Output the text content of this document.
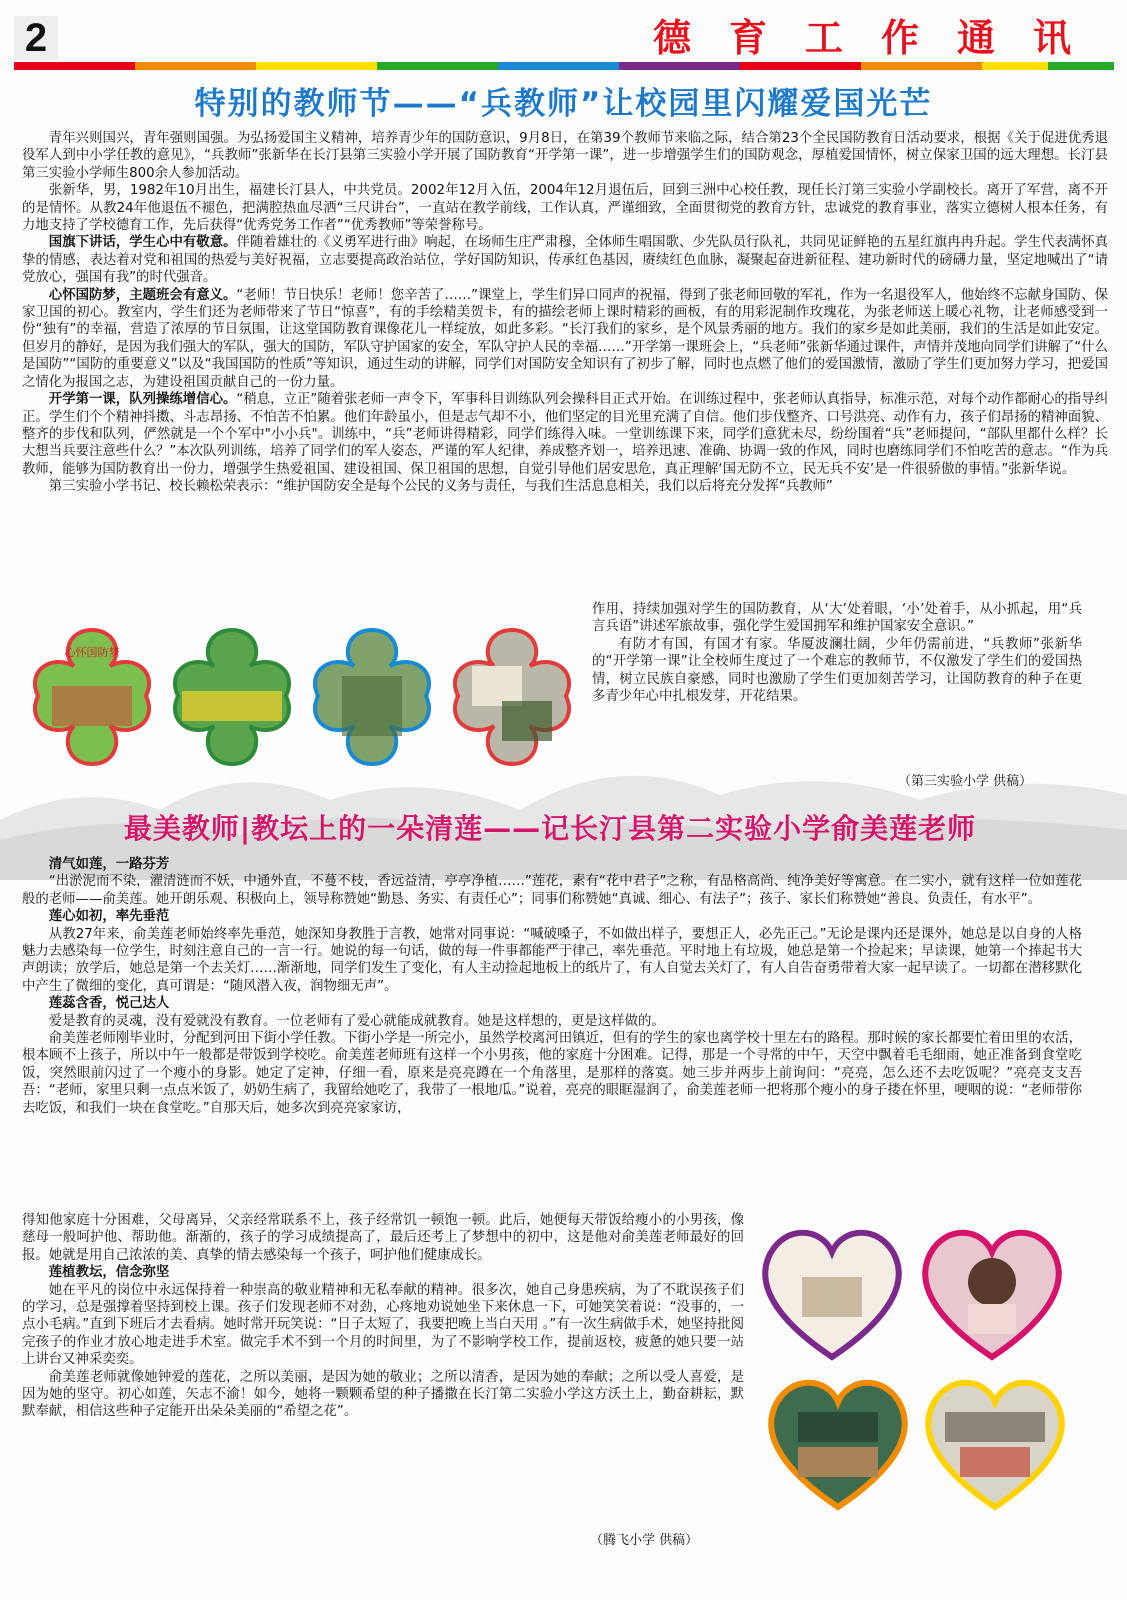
2	德 育 工 作 通 讯
特别的教师节——“兵教师”让校园里闪耀爱国光芒

青年兴则国兴，青年强则国强。为弘扬爱国主义精神，培养青少年的国防意识，9月8日，在第39个教师节来临之际，结合第23个全民国防教育日活动要求，根据《关于促进优秀退役军人到中小学任教的意见》，“兵教师”张新华在长汀县第三实验小学开展了国防教育“开学第一课”，进一步增强学生们的国防观念，厚植爱国情怀，树立保家卫国的远大理想。长汀县第三实验小学师生800余人参加活动。

张新华，男，1982年10月出生，福建长汀县人，中共党员。2002年12月入伍，2004年12月退伍后，回到三洲中心校任教，现任长汀第三实验小学副校长。离开了军营，离不开的是情怀。从教24年他退伍不褪色，把满腔热血尽洒“三尺讲台”，一直站在教学前线，工作认真，严谨细致，全面贯彻党的教育方针，忠诚党的教育事业，落实立德树人根本任务，有力地支持了学校德育工作，先后获得“优秀党务工作者”“优秀教师”等荣誉称号。

国旗下讲话，学生心中有敬意。伴随着雄壮的《义勇军进行曲》响起，在场师生庄严肃穆，全体师生唱国歌、少先队员行队礼，共同见证鲜艳的五星红旗冉冉升起。学生代表满怀真挚的情感，表达着对党和祖国的热爱与美好祝福，立志要提高政治站位，学好国防知识，传承红色基因，赓续红色血脉，凝聚起奋进新征程、建功新时代的磅礴力量，坚定地喊出了“请党放心，强国有我”的时代强音。

心怀国防梦，主题班会有意义。“老师！节日快乐！老师！您辛苦了……”课堂上，学生们异口同声的祝福，得到了张老师回敬的军礼，作为一名退役军人，他始终不忘献身国防、保家卫国的初心。教室内，学生们还为老师带来了节日“惊喜”，有的手绘精美贺卡，有的描绘老师上课时精彩的画板，有的用彩泥制作玫瑰花，为张老师送上暖心礼物，让老师感受到一份“独有”的幸福，营造了浓厚的节日氛围，让这堂国防教育课像花儿一样绽放，如此多彩。“长汀我们的家乡，是个风景秀丽的地方。我们的家乡是如此美丽，我们的生活是如此安定。但岁月的静好，是因为我们强大的军队，强大的国防，军队守护国家的安全，军队守护人民的幸福……”开学第一课班会上，“兵老师”张新华通过课件，声情并茂地向同学们讲解了“什么是国防”“国防的重要意义”以及“我国国防的性质”等知识，通过生动的讲解，同学们对国防安全知识有了初步了解，同时也点燃了他们的爱国激情，激励了学生们更加努力学习，把爱国之情化为报国之志，为建设祖国贡献自己的一份力量。

开学第一课，队列操练增信心。“稍息，立正”随着张老师一声令下，军事科目训练队列会操科目正式开始。在训练过程中，张老师认真指导，标准示范，对每个动作都耐心的指导纠正。学生们个个精神抖擞、斗志昂扬、不怕苦不怕累。他们年龄虽小，但是志气却不小，他们坚定的目光里充满了自信。他们步伐整齐、口号洪亮、动作有力，孩子们昂扬的精神面貌、整齐的步伐和队列，俨然就是一个个军中"小小兵"。训练中，“兵”老师讲得精彩，同学们练得入味。一堂训练课下来，同学们意犹未尽，纷纷围着“兵”老师提问，“部队里都什么样？长大想当兵要注意些什么？”本次队列训练，培养了同学们的军人姿态，严谨的军人纪律，养成整齐划一，培养迅速、准确、协调一致的作风，同时也磨练同学们不怕吃苦的意志。“作为兵教师，能够为国防教育出一份力，增强学生热爱祖国、建设祖国、保卫祖国的思想，自觉引导他们居安思危，真正理解‘国无防不立，民无兵不安’是一件很骄傲的事情。”张新华说。

第三实验小学书记、校长赖松荣表示：“维护国防安全是每个公民的义务与责任，与我们生活息息相关，我们以后将充分发挥“兵教师”

心怀国防梦

作用，持续加强对学生的国防教育，从‘大’处着眼，‘小’处着手，从小抓起，用“兵言兵语”讲述军旅故事，强化学生爱国拥军和维护国家安全意识。”

有防才有国，有国才有家。华厦波澜壮阔，少年仍需前进，“兵教师”张新华的“开学第一课”让全校师生度过了一个难忘的教师节，不仅激发了学生们的爱国热情，树立民族自豪感，同时也激励了学生们更加刻苦学习，让国防教育的种子在更多青少年心中扎根发芽，开花结果。

（第三实验小学 供稿）
最美教师|教坛上的一朵清莲——记长汀县第二实验小学俞美莲老师

清气如莲，一路芬芳

“出淤泥而不染，濯清涟而不妖，中通外直，不蔓不枝，香远益清，亭亭净植……”莲花，素有“花中君子”之称，有品格高尚、纯净美好等寓意。在二实小，就有这样一位如莲花般的老师——俞美莲。她开朗乐观、积极向上，领导称赞她“勤恳、务实、有责任心”；同事们称赞她“真诚、细心、有法子”；孩子、家长们称赞她“善良、负责任，有水平”。

莲心如初，率先垂范

从教27年来，俞美莲老师始终率先垂范，她深知身教胜于言教，她常对同事说：“喊破嗓子，不如做出样子，要想正人，必先正己。”无论是课内还是课外，她总是以自身的人格魅力去感染每一位学生，时刻注意自己的一言一行。她说的每一句话，做的每一件事都能严于律己，率先垂范。平时地上有垃圾，她总是第一个捡起来；早读课，她第一个捧起书大声朗读；放学后，她总是第一个去关灯……渐渐地，同学们发生了变化，有人主动捡起地板上的纸片了，有人自觉去关灯了，有人自告奋勇带着大家一起早读了。一切都在潜移默化中产生了微细的变化，真可谓是：“随风潜入夜，润物细无声”。

莲蕊含香，悦己达人

爱是教育的灵魂，没有爱就没有教育。一位老师有了爱心就能成就教育。她是这样想的，更是这样做的。

俞美莲老师刚毕业时，分配到河田下街小学任教。下街小学是一所完小，虽然学校离河田镇近，但有的学生的家也离学校十里左右的路程。那时候的家长都要忙着田里的农活，根本顾不上孩子，所以中午一般都是带饭到学校吃。俞美莲老师班有这样一个小男孩，他的家庭十分困难。记得，那是一个寻常的中午，天空中飘着毛毛细雨，她正准备到食堂吃饭，突然眼前闪过了一个瘦小的身影。她定了定神，仔细一看，原来是亮亮蹲在一个角落里，是那样的落寞。她三步并两步上前询问：“亮亮，怎么还不去吃饭呢？”亮亮支支吾吾：“老师，家里只剩一点点米饭了，奶奶生病了，我留给她吃了，我带了一根地瓜。”说着，亮亮的眼眶湿润了，俞美莲老师一把将那个瘦小的身子搂在怀里，哽咽的说：“老师带你去吃饭，和我们一块在食堂吃。”自那天后，她多次到亮亮家家访，

得知他家庭十分困难，父母离异，父亲经常联系不上，孩子经常饥一顿饱一顿。此后，她便每天带饭给瘦小的小男孩，像慈母一般呵护他、帮助他。渐渐的，孩子的学习成绩提高了，最后还考上了梦想中的初中，这是他对俞美莲老师最好的回报。她就是用自己浓浓的美、真挚的情去感染每一个孩子，呵护他们健康成长。

莲植教坛，信念弥坚

她在平凡的岗位中永远保持着一种崇高的敬业精神和无私奉献的精神。很多次，她自己身患疾病，为了不耽误孩子们的学习，总是强撑着坚持到校上课。孩子们发现老师不对劲，心疼地劝说她坐下来休息一下，可她笑笑着说：“没事的，一点小毛病。”直到下班后才去看病。她时常开玩笑说：“日子太短了，我要把晚上当白天用 。”有一次生病做手术，她坚持批阅完孩子的作业才放心地走进手术室。做完手术不到一个月的时间里，为了不影响学校工作，提前返校，疲惫的她只要一站上讲台又神采奕奕。

俞美莲老师就像她钟爱的莲花，之所以美丽，是因为她的敬业；之所以清香，是因为她的奉献；之所以受人喜爱，是因为她的坚守。初心如莲，矢志不渝！如今，她将一颗颗希望的种子播撒在长汀第二实验小学这方沃土上，勤奋耕耘，默默奉献，相信这些种子定能开出朵朵美丽的“希望之花”。

（腾飞小学 供稿）
